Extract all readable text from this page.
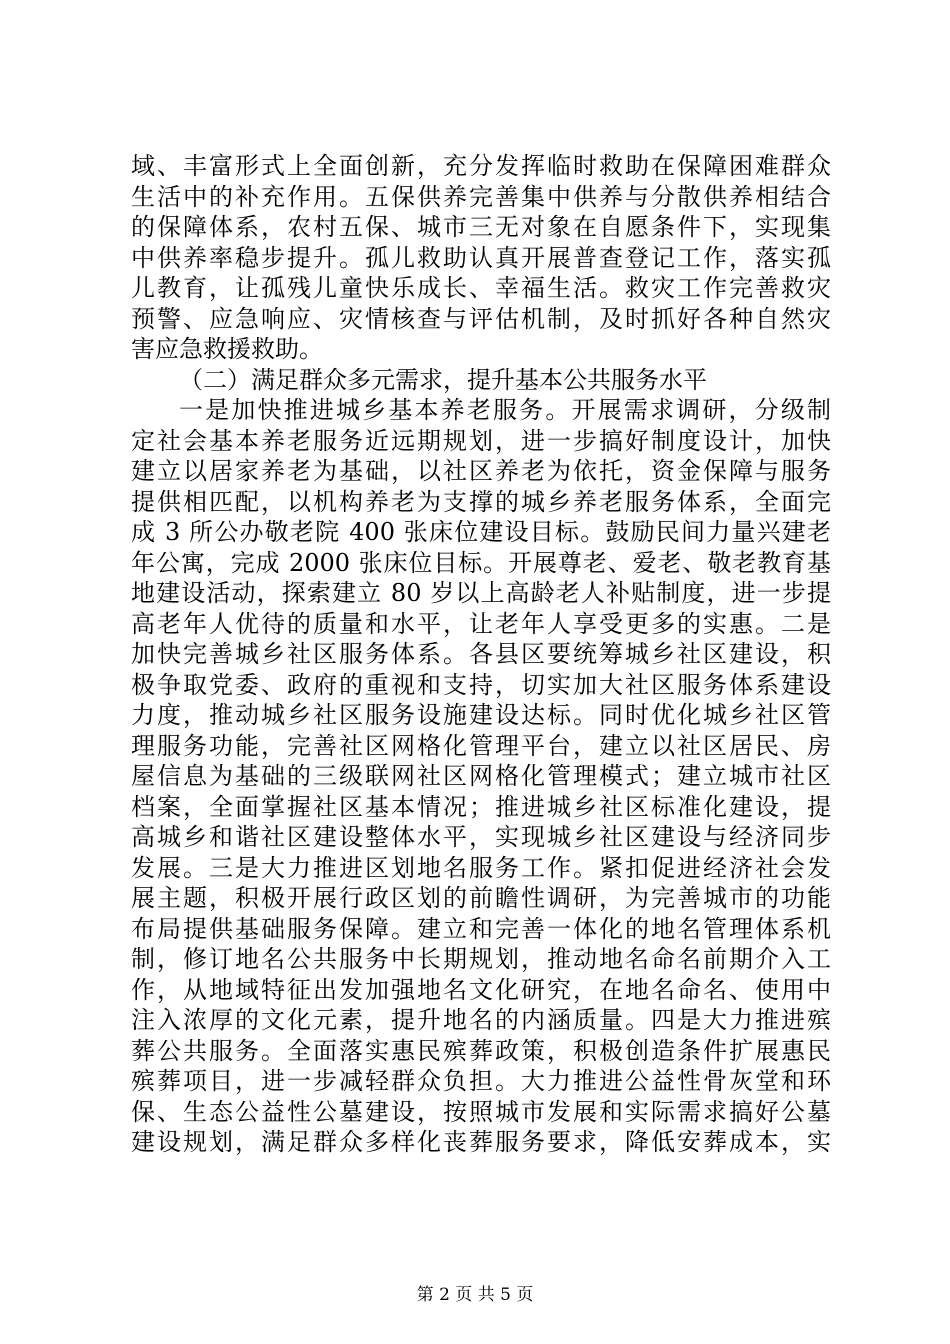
域、丰富形式上全面创新，充分发挥临时救助在保障困难群众
生活中的补充作用。五保供养完善集中供养与分散供养相结合
的保障体系，农村五保、城市三无对象在自愿条件下，实现集
中供养率稳步提升。孤儿救助认真开展普查登记工作，落实孤
儿教育，让孤残儿童快乐成长、幸福生活。救灾工作完善救灾
预警、应急响应、灾情核查与评估机制，及时抓好各种自然灾
害应急救援救助。
（二）满足群众多元需求，提升基本公共服务水平
一是加快推进城乡基本养老服务。开展需求调研，分级制
定社会基本养老服务近远期规划，进一步搞好制度设计，加快
建立以居家养老为基础，以社区养老为依托，资金保障与服务
提供相匹配，以机构养老为支撑的城乡养老服务体系，全面完
成 3 所公办敬老院 400 张床位建设目标。鼓励民间力量兴建老
年公寓，完成 2000 张床位目标。开展尊老、爱老、敬老教育基
地建设活动，探索建立 80 岁以上高龄老人补贴制度，进一步提
高老年人优待的质量和水平，让老年人享受更多的实惠。二是
加快完善城乡社区服务体系。各县区要统筹城乡社区建设，积
极争取党委、政府的重视和支持，切实加大社区服务体系建设
力度，推动城乡社区服务设施建设达标。同时优化城乡社区管
理服务功能，完善社区网格化管理平台，建立以社区居民、房
屋信息为基础的三级联网社区网格化管理模式；建立城市社区
档案，全面掌握社区基本情况；推进城乡社区标准化建设，提
高城乡和谐社区建设整体水平，实现城乡社区建设与经济同步
发展。三是大力推进区划地名服务工作。紧扣促进经济社会发
展主题，积极开展行政区划的前瞻性调研，为完善城市的功能
布局提供基础服务保障。建立和完善一体化的地名管理体系机
制，修订地名公共服务中长期规划，推动地名命名前期介入工
作，从地域特征出发加强地名文化研究，在地名命名、使用中
注入浓厚的文化元素，提升地名的内涵质量。四是大力推进殡
葬公共服务。全面落实惠民殡葬政策，积极创造条件扩展惠民
殡葬项目，进一步减轻群众负担。大力推进公益性骨灰堂和环
保、生态公益性公墓建设，按照城市发展和实际需求搞好公墓
建设规划，满足群众多样化丧葬服务要求，降低安葬成本，实
第 2 页 共 5 页
